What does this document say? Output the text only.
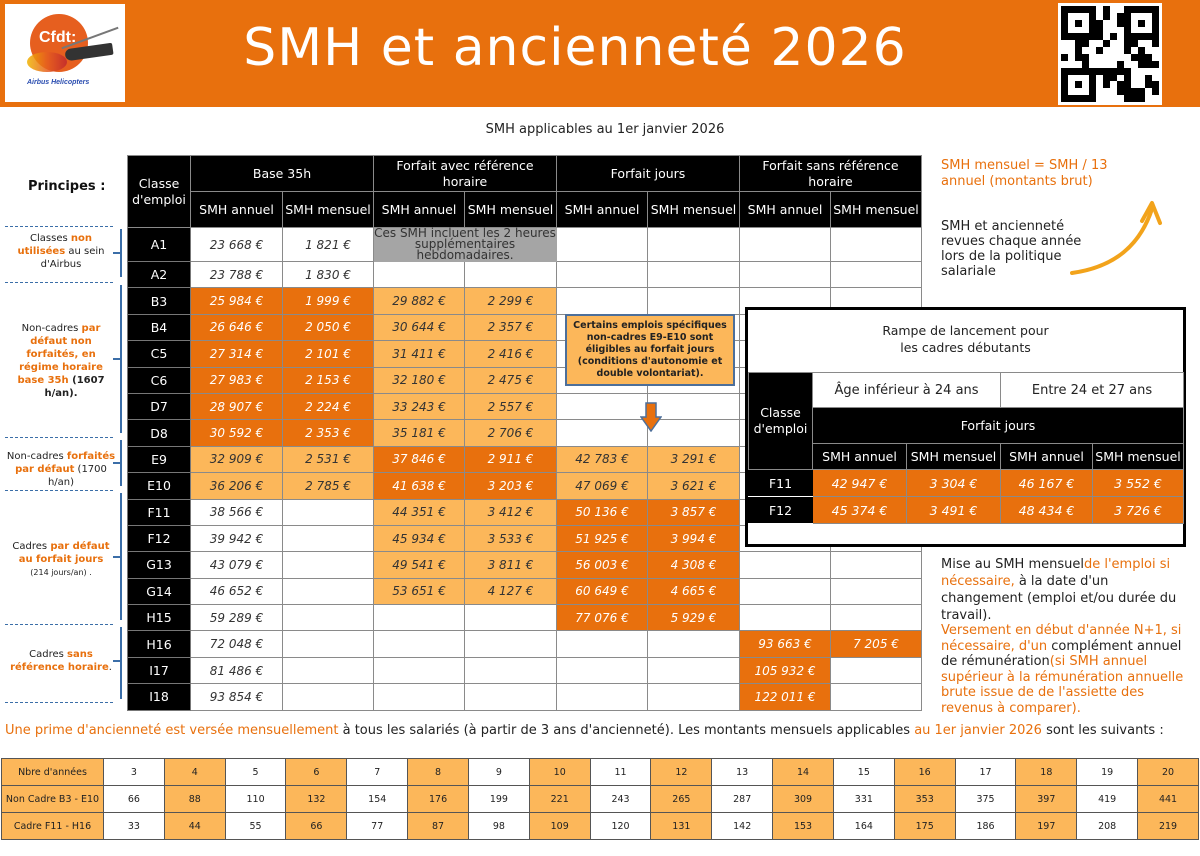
Cfdt:
Airbus Helicopters
SMH et ancienneté 2026
SMH applicables au 1er janvier 2026
Principes :
Classes non utilisées au sein d'Airbus
Non-cadres par défaut non forfaités, en régime horaire base 35h (1607 h/an).
Non-cadres forfaités par défaut (1700 h/an)
Cadres par défaut au forfait jours
(214 jours/an) .
Cadres sans référence horaire.
Classe d'emploi	Base 35h		Forfait avec référence horaire		Forfait jours		Forfait sans référence horaire	
	SMH annuel	SMH mensuel	SMH annuel	SMH mensuel	SMH annuel	SMH mensuel	SMH annuel	SMH mensuel
A1	23 668 €	1 821 €	Ces SMH incluent les 2 heures supplémentaires hebdomadaires.					
A2	23 788 €	1 830 €						
B3	25 984 €	1 999 €	29 882 €	2 299 €				
B4	26 646 €	2 050 €	30 644 €	2 357 €				
C5	27 314 €	2 101 €	31 411 €	2 416 €				
C6	27 983 €	2 153 €	32 180 €	2 475 €				
D7	28 907 €	2 224 €	33 243 €	2 557 €				
D8	30 592 €	2 353 €	35 181 €	2 706 €				
E9	32 909 €	2 531 €	37 846 €	2 911 €	42 783 €	3 291 €		
E10	36 206 €	2 785 €	41 638 €	3 203 €	47 069 €	3 621 €		
F11	38 566 €		44 351 €	3 412 €	50 136 €	3 857 €		
F12	39 942 €		45 934 €	3 533 €	51 925 €	3 994 €		
G13	43 079 €		49 541 €	3 811 €	56 003 €	4 308 €		
G14	46 652 €		53 651 €	4 127 €	60 649 €	4 665 €		
H15	59 289 €				77 076 €	5 929 €		
H16	72 048 €						93 663 €	7 205 €
I17	81 486 €						105 932 €	
I18	93 854 €						122 011 €	
Certains emplois spécifiques non-cadres E9-E10 sont éligibles au forfait jours (conditions d'autonomie et double volontariat).
SMH mensuel = SMH / 13 annuel (montants brut)
SMH et ancienneté revues chaque année lors de la politique salariale
Rampe de lancement pour
les cadres débutants
Classe d'emploi	Âge inférieur à 24 ans		Entre 24 et 27 ans	
	Forfait jours			
	SMH annuel	SMH mensuel	SMH annuel	SMH mensuel
F11	42 947 €	3 304 €	46 167 €	3 552 €
F12	45 374 €	3 491 €	48 434 €	3 726 €
Mise au SMH mensuelde l'emploi si nécessaire, à la date d'un changement (emploi et/ou durée du travail).
Versement en début d'année N+1, si nécessaire, d'un complément annuel de rémunération(si SMH annuel supérieur à la rémunération annuelle brute issue de de l'assiette des revenus à comparer).
Une prime d'ancienneté est versée mensuellement à tous les salariés (à partir de 3 ans d'ancienneté). Les montants mensuels applicables au 1er janvier 2026 sont les suivants :
Nbre d'années	3	4	5	6	7	8	9	10	11	12	13	14	15	16	17	18	19	20
Non Cadre B3 - E10	66	88	110	132	154	176	199	221	243	265	287	309	331	353	375	397	419	441
Cadre F11 - H16	33	44	55	66	77	87	98	109	120	131	142	153	164	175	186	197	208	219
